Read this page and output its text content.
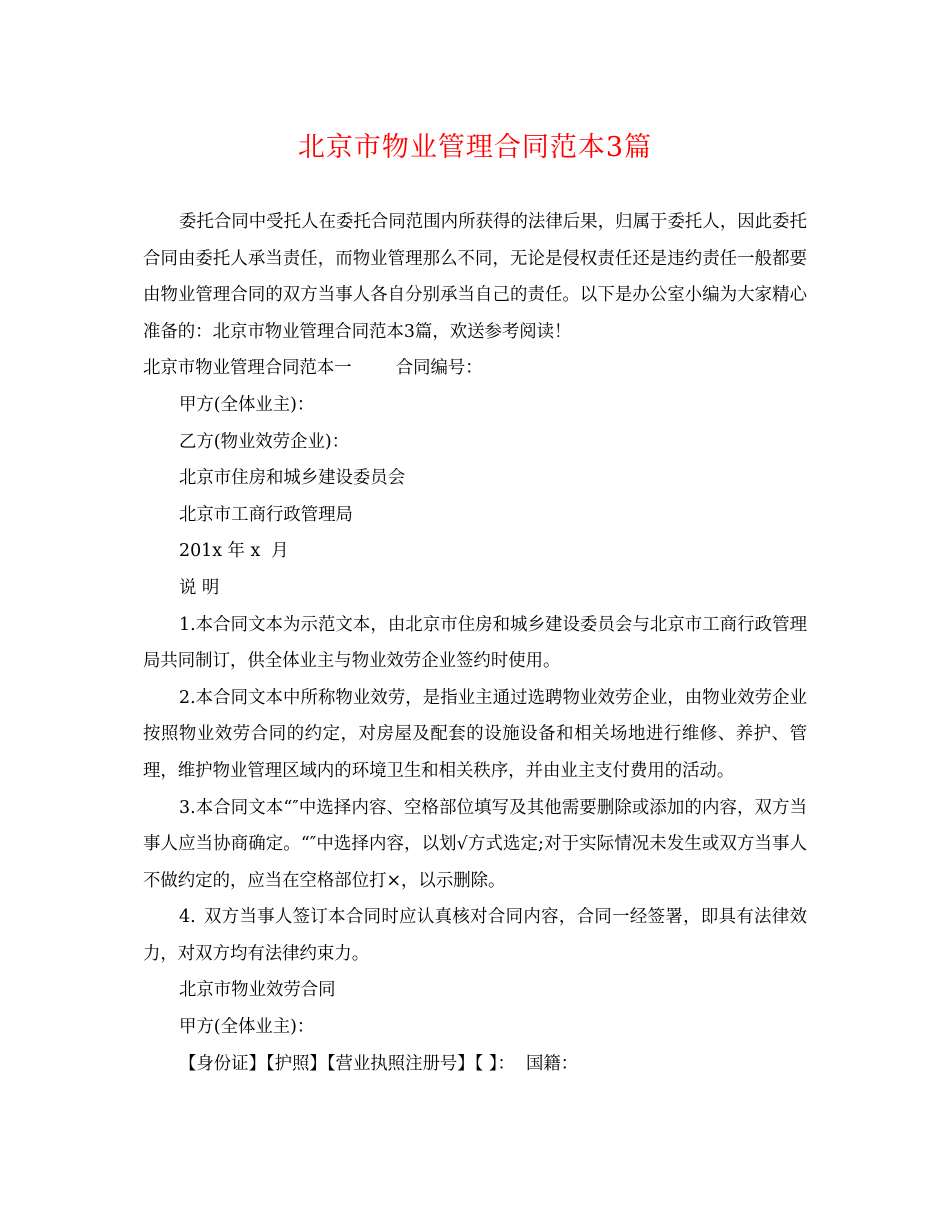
北京市物业管理合同范本3篇

委托合同中受托人在委托合同范围内所获得的法律后果，归属于委托人，因此委托合同由委托人承当责任，而物业管理那么不同，无论是侵权责任还是违约责任一般都要由物业管理合同的双方当事人各自分别承当自己的责任。以下是办公室小编为大家精心准备的：北京市物业管理合同范本3篇，欢送参考阅读！

北京市物业管理合同范本一	合同编号：

甲方(全体业主)：

乙方(物业效劳企业)：

北京市住房和城乡建设委员会

北京市工商行政管理局

201x 年 x  月

说 明

1.本合同文本为示范文本，由北京市住房和城乡建设委员会与北京市工商行政管理局共同制订，供全体业主与物业效劳企业签约时使用。

2.本合同文本中所称物业效劳，是指业主通过选聘物业效劳企业，由物业效劳企业按照物业效劳合同的约定，对房屋及配套的设施设备和相关场地进行维修、养护、管理，维护物业管理区域内的环境卫生和相关秩序，并由业主支付费用的活动。

3.本合同文本“″中选择内容、空格部位填写及其他需要删除或添加的内容，双方当事人应当协商确定。“″中选择内容，以划√方式选定;对于实际情况未发生或双方当事人不做约定的，应当在空格部位打×，以示删除。

4. 双方当事人签订本合同时应认真核对合同内容，合同一经签署，即具有法律效力，对双方均有法律约束力。

北京市物业效劳合同

甲方(全体业主)：

【身份证】【护照】【营业执照注册号】【 】：  国籍：
